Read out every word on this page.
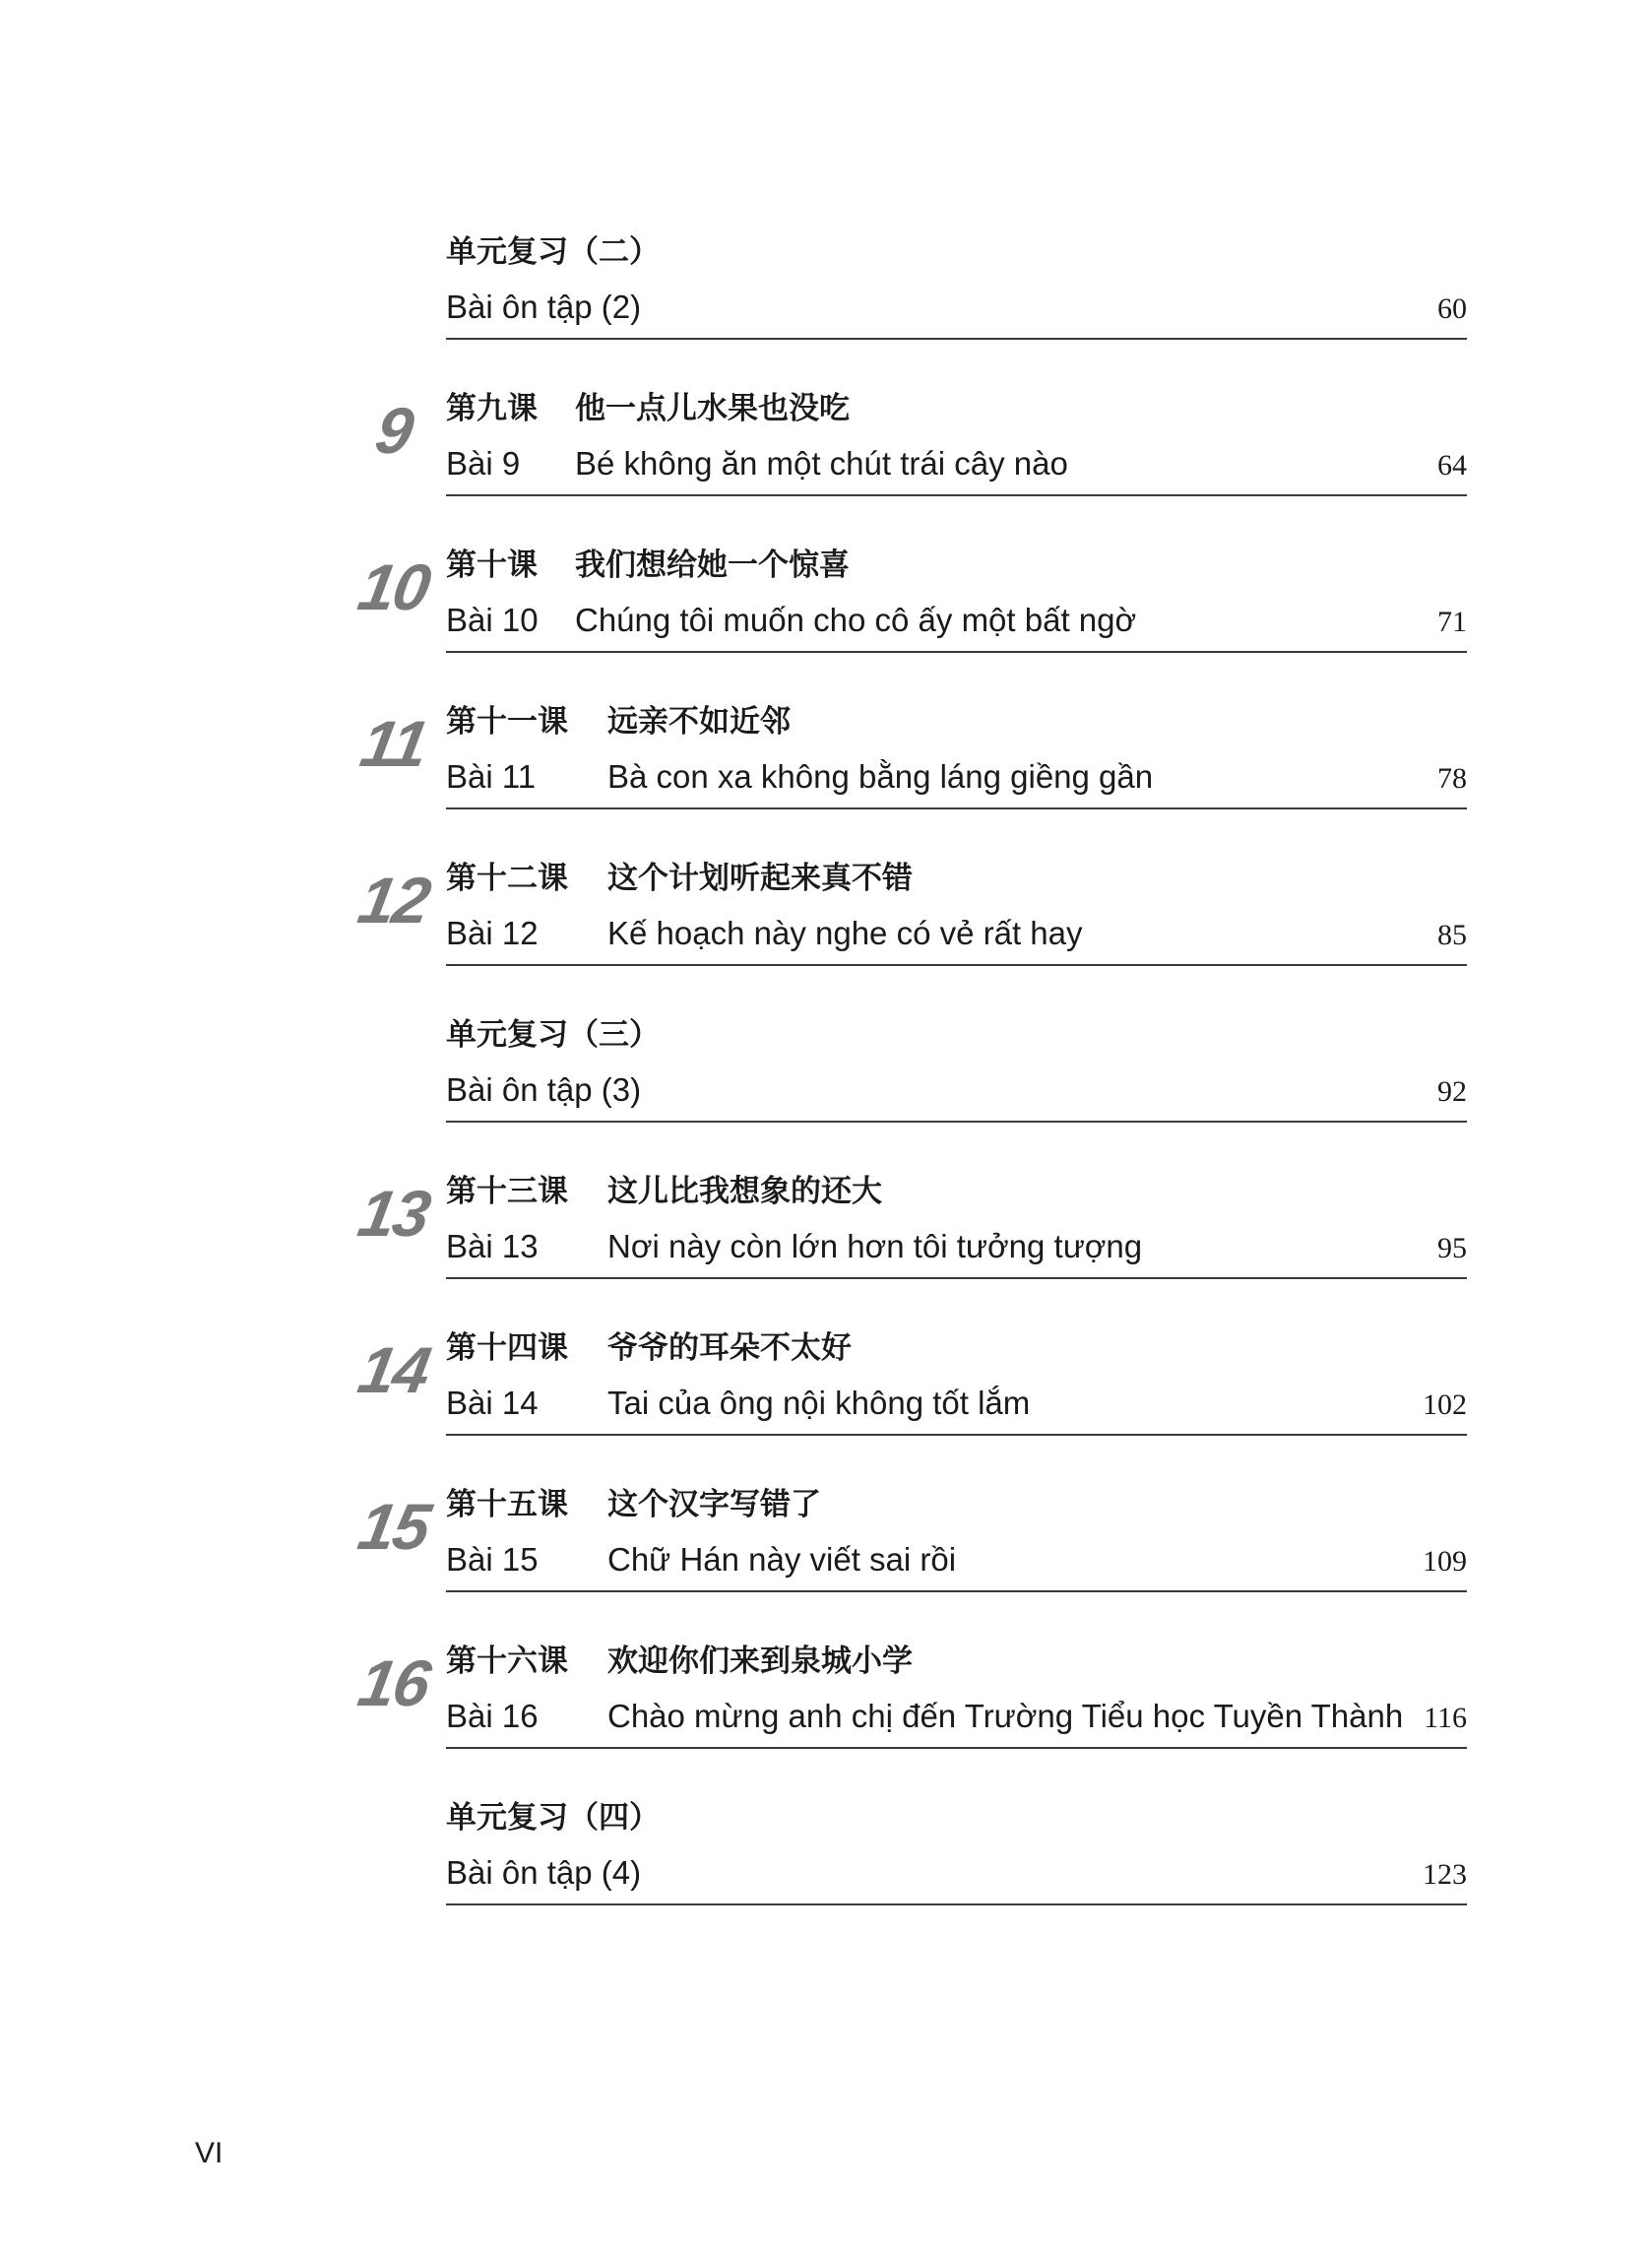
单元复习（二）
Bài ôn tập (2)	60
9 第九课 他一点儿水果也没吃
Bài 9 Bé không ăn một chút trái cây nào	64
10 第十课 我们想给她一个惊喜
Bài 10 Chúng tôi muốn cho cô ấy một bất ngờ	71
11 第十一课 远亲不如近邻
Bài 11 Bà con xa không bằng láng giềng gần	78
12 第十二课 这个计划听起来真不错
Bài 12 Kế hoạch này nghe có vẻ rất hay	85
单元复习（三）
Bài ôn tập (3)	92
13 第十三课 这儿比我想象的还大
Bài 13 Nơi này còn lớn hơn tôi tưởng tượng	95
14 第十四课 爷爷的耳朵不太好
Bài 14 Tai của ông nội không tốt lắm	102
15 第十五课 这个汉字写错了
Bài 15 Chữ Hán này viết sai rồi	109
16 第十六课 欢迎你们来到泉城小学
Bài 16 Chào mừng anh chị đến Trường Tiểu học Tuyền Thành 116
单元复习（四）
Bài ôn tập (4)	123
VI
